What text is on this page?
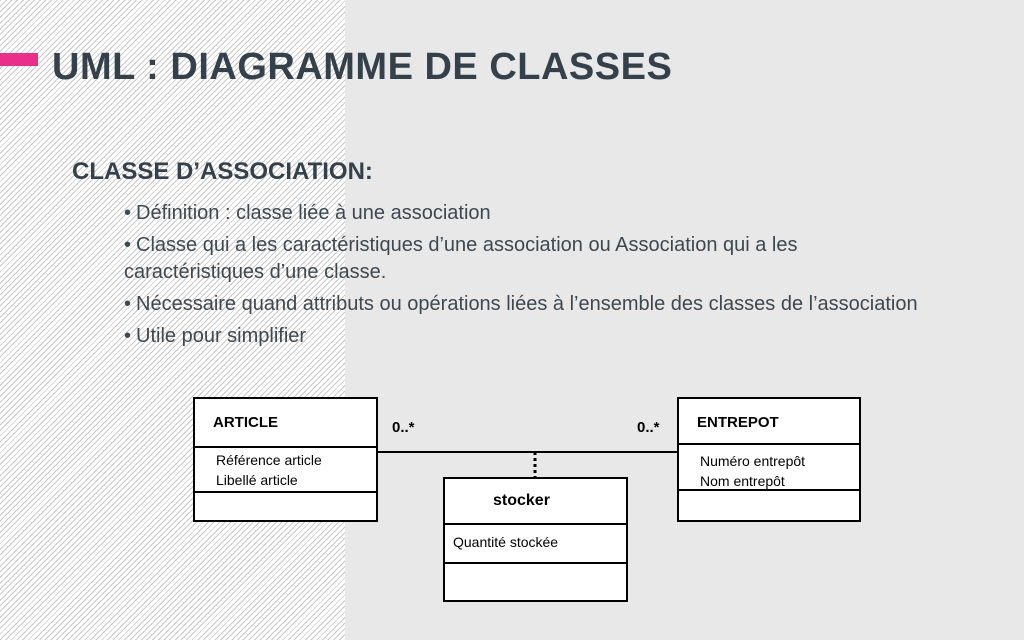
UML : DIAGRAMME DE CLASSES
CLASSE D’ASSOCIATION:
• Définition : classe liée à une association
• Classe qui a les caractéristiques d’une association ou Association qui a les caractéristiques d’une classe.
• Nécessaire quand attributs ou opérations liées à l’ensemble des classes de l’association
• Utile pour simplifier
ARTICLE
Référence article
Libellé article
ENTREPOT
Numéro entrepôt
Nom entrepôt
stocker
Quantité stockée
0..*	0..*
